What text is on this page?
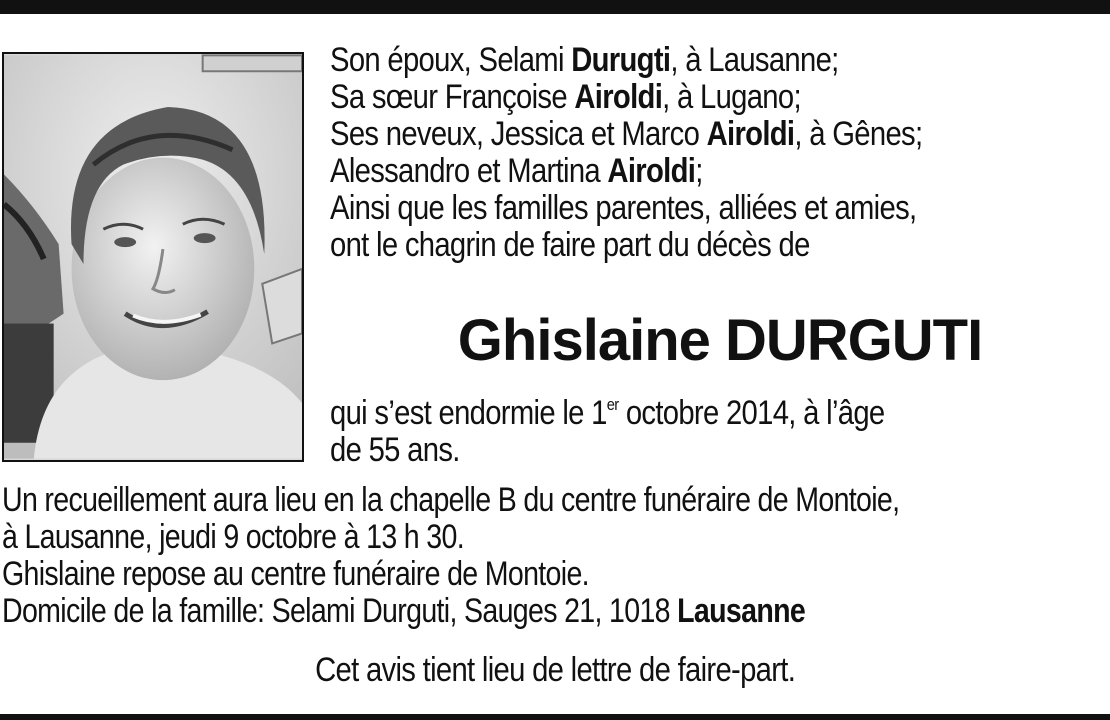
Son époux, Selami Durugti, à Lausanne;
Sa sœur Françoise Airoldi, à Lugano;
Ses neveux, Jessica et Marco Airoldi, à Gênes;
Alessandro et Martina Airoldi;
Ainsi que les familles parentes, alliées et amies,
ont le chagrin de faire part du décès de
Ghislaine DURGUTI
qui s’est endormie le 1er octobre 2014, à l’âge
de 55 ans.
Un recueillement aura lieu en la chapelle B du centre funéraire de Montoie,
à Lausanne, jeudi 9 octobre à 13 h 30.
Ghislaine repose au centre funéraire de Montoie.
Domicile de la famille: Selami Durguti, Sauges 21, 1018 Lausanne
Cet avis tient lieu de lettre de faire-part.
